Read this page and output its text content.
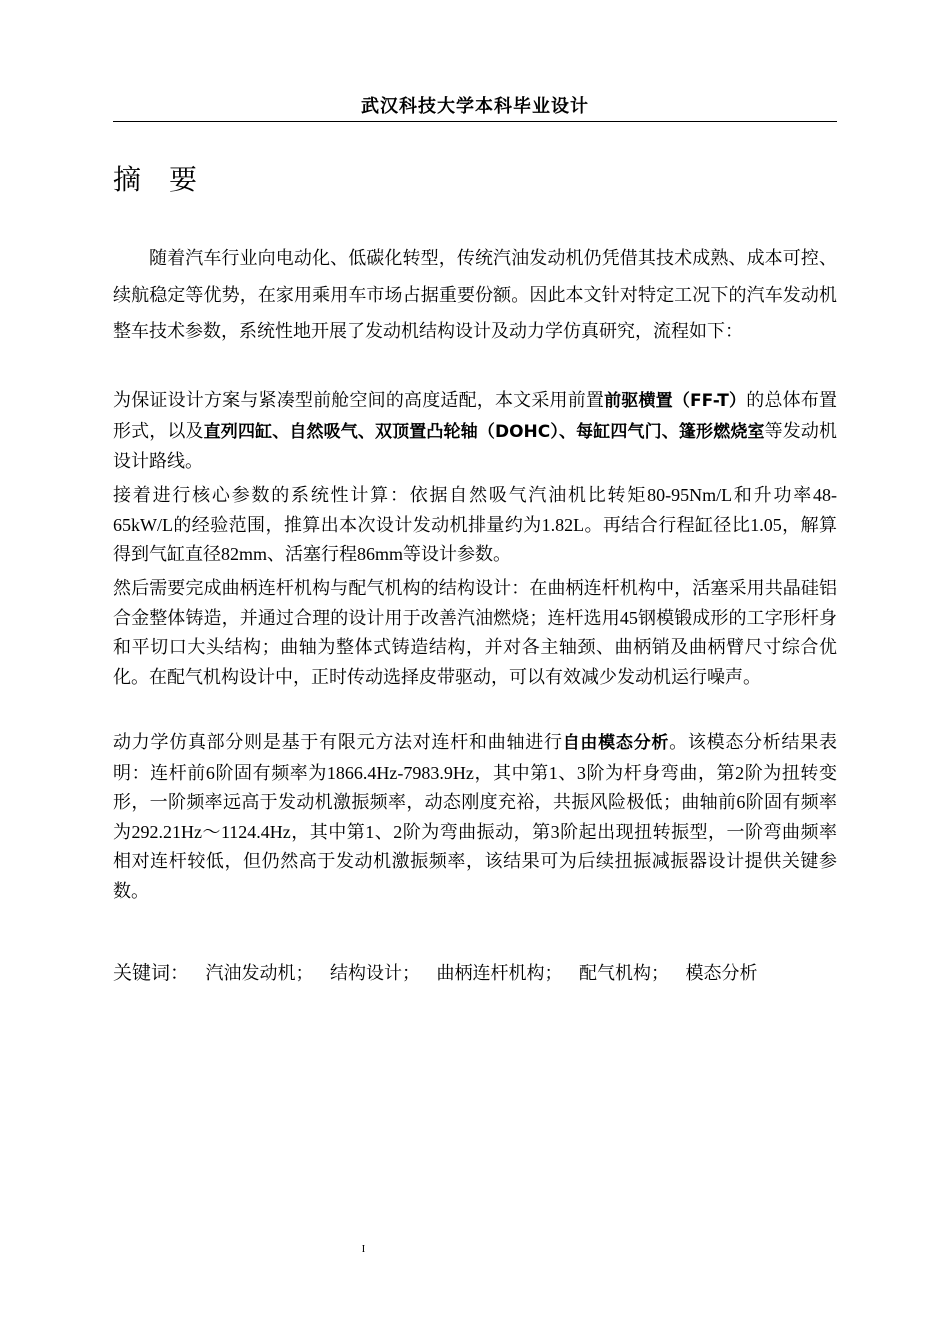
武汉科技大学本科毕业设计
摘 要

随着汽车行业向电动化、低碳化转型，传统汽油发动机仍凭借其技术成熟、成本可控、续航稳定等优势，在家用乘用车市场占据重要份额。因此本文针对特定工况下的汽车发动机整车技术参数，系统性地开展了发动机结构设计及动力学仿真研究，流程如下：

为保证设计方案与紧凑型前舱空间的高度适配，本文采用前置前驱横置（FF-T）的总体布置形式，以及直列四缸、自然吸气、双顶置凸轮轴（DOHC）、每缸四气门、篷形燃烧室等发动机设计路线。

接着进行核心参数的系统性计算：依据自然吸气汽油机比转矩80-95Nm/L和升功率48-65kW/L的经验范围，推算出本次设计发动机排量约为1.82L。再结合行程缸径比1.05，解算得到气缸直径82mm、活塞行程86mm等设计参数。

然后需要完成曲柄连杆机构与配气机构的结构设计：在曲柄连杆机构中，活塞采用共晶硅铝合金整体铸造，并通过合理的设计用于改善汽油燃烧；连杆选用45钢模锻成形的工字形杆身和平切口大头结构；曲轴为整体式铸造结构，并对各主轴颈、曲柄销及曲柄臂尺寸综合优化。在配气机构设计中，正时传动选择皮带驱动，可以有效减少发动机运行噪声。

动力学仿真部分则是基于有限元方法对连杆和曲轴进行自由模态分析。该模态分析结果表明：连杆前6阶固有频率为1866.4Hz-7983.9Hz，其中第1、3阶为杆身弯曲，第2阶为扭转变形，一阶频率远高于发动机激振频率，动态刚度充裕，共振风险极低；曲轴前6阶固有频率为292.21Hz～1124.4Hz，其中第1、2阶为弯曲振动，第3阶起出现扭转振型，一阶弯曲频率相对连杆较低，但仍然高于发动机激振频率，该结果可为后续扭振减振器设计提供关键参数。

关键词： 汽油发动机； 结构设计； 曲柄连杆机构； 配气机构； 模态分析
I
